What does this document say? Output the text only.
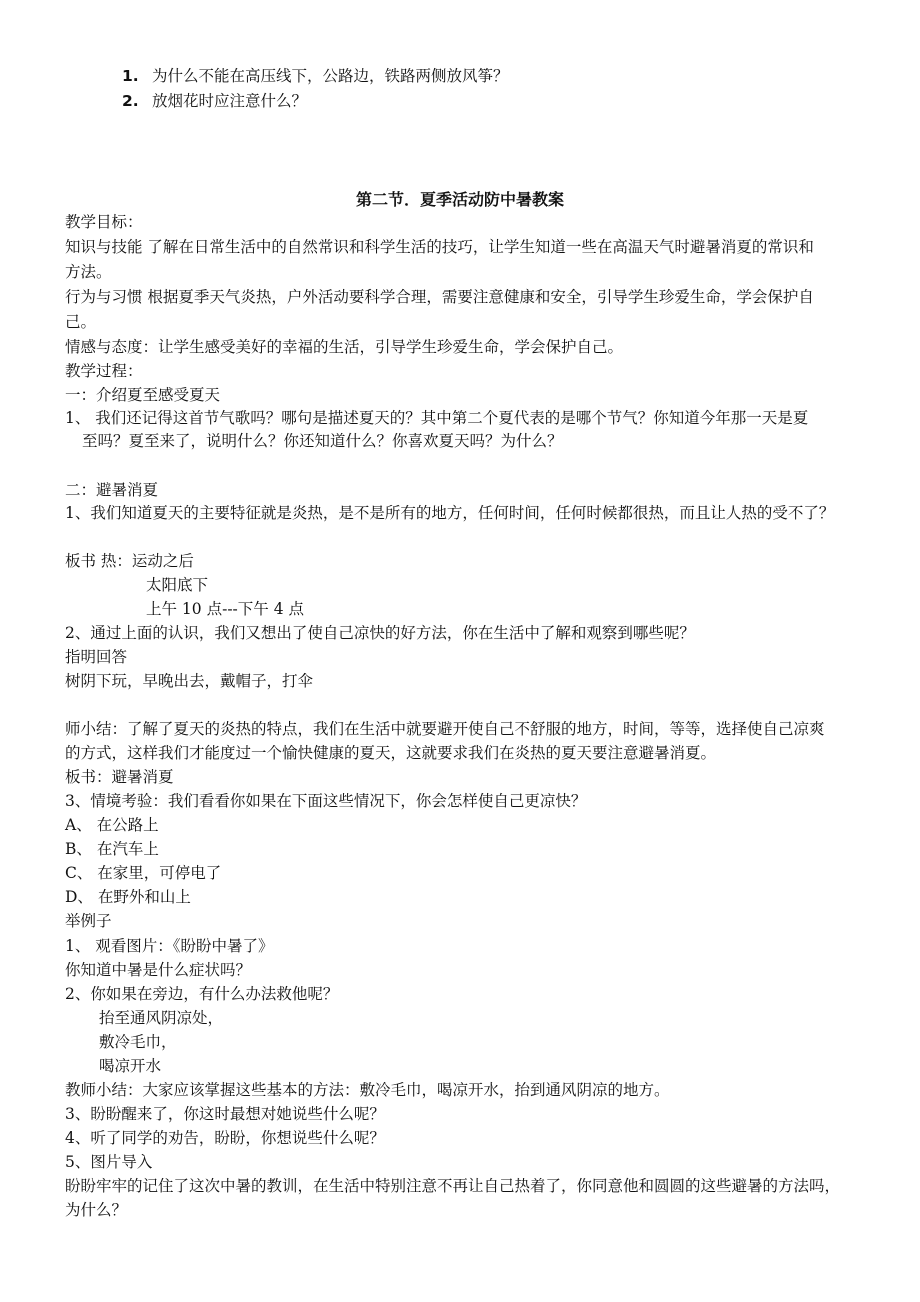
1. 为什么不能在高压线下，公路边，铁路两侧放风筝？
2. 放烟花时应注意什么？
第二节．夏季活动防中暑教案
教学目标：
知识与技能 了解在日常生活中的自然常识和科学生活的技巧，让学生知道一些在高温天气时避暑消夏的常识和
方法。
行为与习惯 根据夏季天气炎热，户外活动要科学合理，需要注意健康和安全，引导学生珍爱生命，学会保护自
己。
情感与态度：让学生感受美好的幸福的生活，引导学生珍爱生命，学会保护自己。
教学过程：
一：介绍夏至感受夏天
1、 我们还记得这首节气歌吗？哪句是描述夏天的？其中第二个夏代表的是哪个节气？你知道今年那一天是夏
至吗？夏至来了，说明什么？你还知道什么？你喜欢夏天吗？为什么？
二：避暑消夏
1、我们知道夏天的主要特征就是炎热，是不是所有的地方，任何时间，任何时候都很热，而且让人热的受不了？
板书 热：运动之后
太阳底下
上午 10 点---下午 4 点
2、通过上面的认识，我们又想出了使自己凉快的好方法，你在生活中了解和观察到哪些呢？
指明回答
树阴下玩，早晚出去，戴帽子，打伞
师小结：了解了夏天的炎热的特点，我们在生活中就要避开使自己不舒服的地方，时间，等等，选择使自己凉爽
的方式，这样我们才能度过一个愉快健康的夏天，这就要求我们在炎热的夏天要注意避暑消夏。
板书：避暑消夏
3、情境考验：我们看看你如果在下面这些情况下，你会怎样使自己更凉快？
A、 在公路上
B、 在汽车上
C、 在家里，可停电了
D、 在野外和山上
举例子
1、 观看图片：《盼盼中暑了》
你知道中暑是什么症状吗？
2、你如果在旁边，有什么办法救他呢？
抬至通风阴凉处，
敷冷毛巾，
喝凉开水
教师小结：大家应该掌握这些基本的方法：敷冷毛巾，喝凉开水，抬到通风阴凉的地方。
3、盼盼醒来了，你这时最想对她说些什么呢？
4、听了同学的劝告，盼盼，你想说些什么呢？
5、图片导入
盼盼牢牢的记住了这次中暑的教训，在生活中特别注意不再让自己热着了，你同意他和圆圆的这些避暑的方法吗，
为什么？
